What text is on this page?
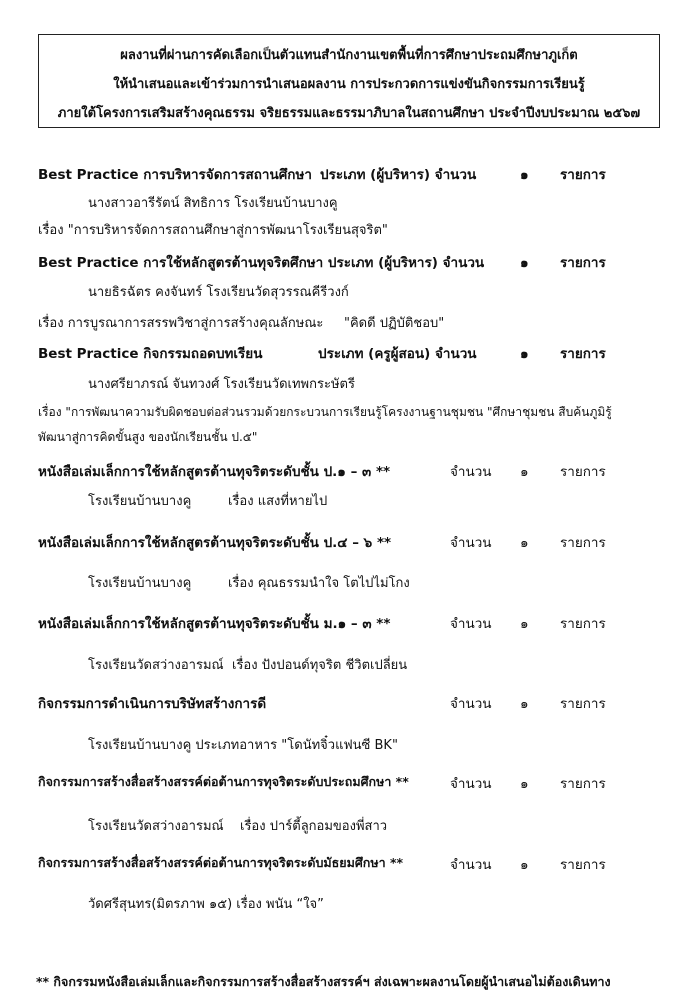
ผลงานที่ผ่านการคัดเลือกเป็นตัวแทนสำนักงานเขตพื้นที่การศึกษาประถมศึกษาภูเก็ต
ให้นำเสนอและเข้าร่วมการนำเสนอผลงาน การประกวดการแข่งขันกิจกรรมการเรียนรู้
ภายใต้โครงการเสริมสร้างคุณธรรม จริยธรรมและธรรมาภิบาลในสถานศึกษา ประจำปีงบประมาณ ๒๕๖๗
Best Practice การบริหารจัดการสถานศึกษา ประเภท (ผู้บริหาร) จำนวน	๑ รายการ
นางสาวอารีรัตน์ สิทธิการ โรงเรียนบ้านบางคู
เรื่อง "การบริหารจัดการสถานศึกษาสู่การพัฒนาโรงเรียนสุจริต"
Best Practice การใช้หลักสูตรต้านทุจริตศึกษา ประเภท (ผู้บริหาร) จำนวน	๑ รายการ
นายธิรฉัตร คงจันทร์ โรงเรียนวัดสุวรรณคีรีวงก์
เรื่อง การบูรณาการสรรพวิชาสู่การสร้างคุณลักษณะ "คิดดี ปฏิบัติชอบ"
Best Practice กิจกรรมถอดบทเรียน	ประเภท (ครูผู้สอน) จำนวน	๑ รายการ
นางศรียาภรณ์ จันทวงศ์ โรงเรียนวัดเทพกระษัตรี
เรื่อง "การพัฒนาความรับผิดชอบต่อส่วนรวมด้วยกระบวนการเรียนรู้โครงงานฐานชุมชน "ศึกษาชุมชน สืบค้นภูมิรู้
พัฒนาสู่การคิดขั้นสูง ของนักเรียนชั้น ป.๕"
หนังสือเล่มเล็กการใช้หลักสูตรต้านทุจริตระดับชั้น ป.๑ – ๓ **	จำนวน ๑ รายการ
โรงเรียนบ้านบางคู	เรื่อง แสงที่หายไป
หนังสือเล่มเล็กการใช้หลักสูตรต้านทุจริตระดับชั้น ป.๔ – ๖ **	จำนวน ๑ รายการ
โรงเรียนบ้านบางคู	เรื่อง คุณธรรมนำใจ โตไปไม่โกง
หนังสือเล่มเล็กการใช้หลักสูตรต้านทุจริตระดับชั้น ม.๑ – ๓ **	จำนวน ๑ รายการ
โรงเรียนวัดสว่างอารมณ์ เรื่อง ปังปอนด์ทุจริต ชีวิตเปลี่ยน
กิจกรรมการดำเนินการบริษัทสร้างการดี	จำนวน ๑ รายการ
โรงเรียนบ้านบางคู ประเภทอาหาร "โดนัทจิ๋วแฟนซี BK"
กิจกรรมการสร้างสื่อสร้างสรรค์ต่อต้านการทุจริตระดับประถมศึกษา **	จำนวน ๑ รายการ
โรงเรียนวัดสว่างอารมณ์ เรื่อง ปาร์ตี้ลูกอมของพี่สาว
กิจกรรมการสร้างสื่อสร้างสรรค์ต่อต้านการทุจริตระดับมัธยมศึกษา **	จำนวน ๑ รายการ
วัดศรีสุนทร(มิตรภาพ ๑๕) เรื่อง พนัน “ใจ”
** กิจกรรมหนังสือเล่มเล็กและกิจกรรมการสร้างสื่อสร้างสรรค์ฯ ส่งเฉพาะผลงานโดยผู้นำเสนอไม่ต้องเดินทาง
